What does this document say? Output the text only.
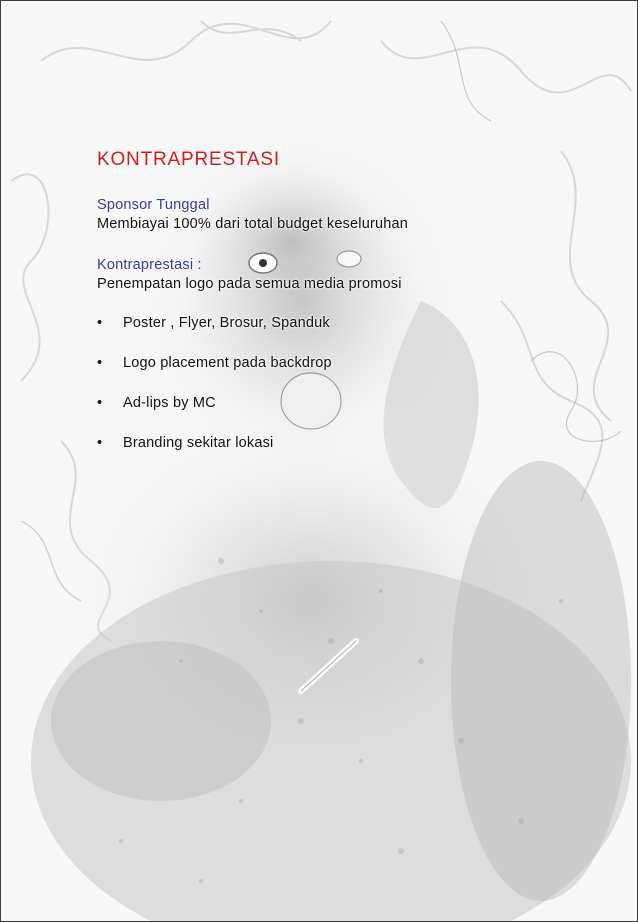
KONTRAPRESTASI

Sponsor Tunggal

Membiayai 100% dari total budget keseluruhan

Kontraprestasi :

Penempatan logo pada semua media promosi

• Poster , Flyer, Brosur, Spanduk
• Logo placement pada backdrop
• Ad-lips by MC
• Branding sekitar lokasi
